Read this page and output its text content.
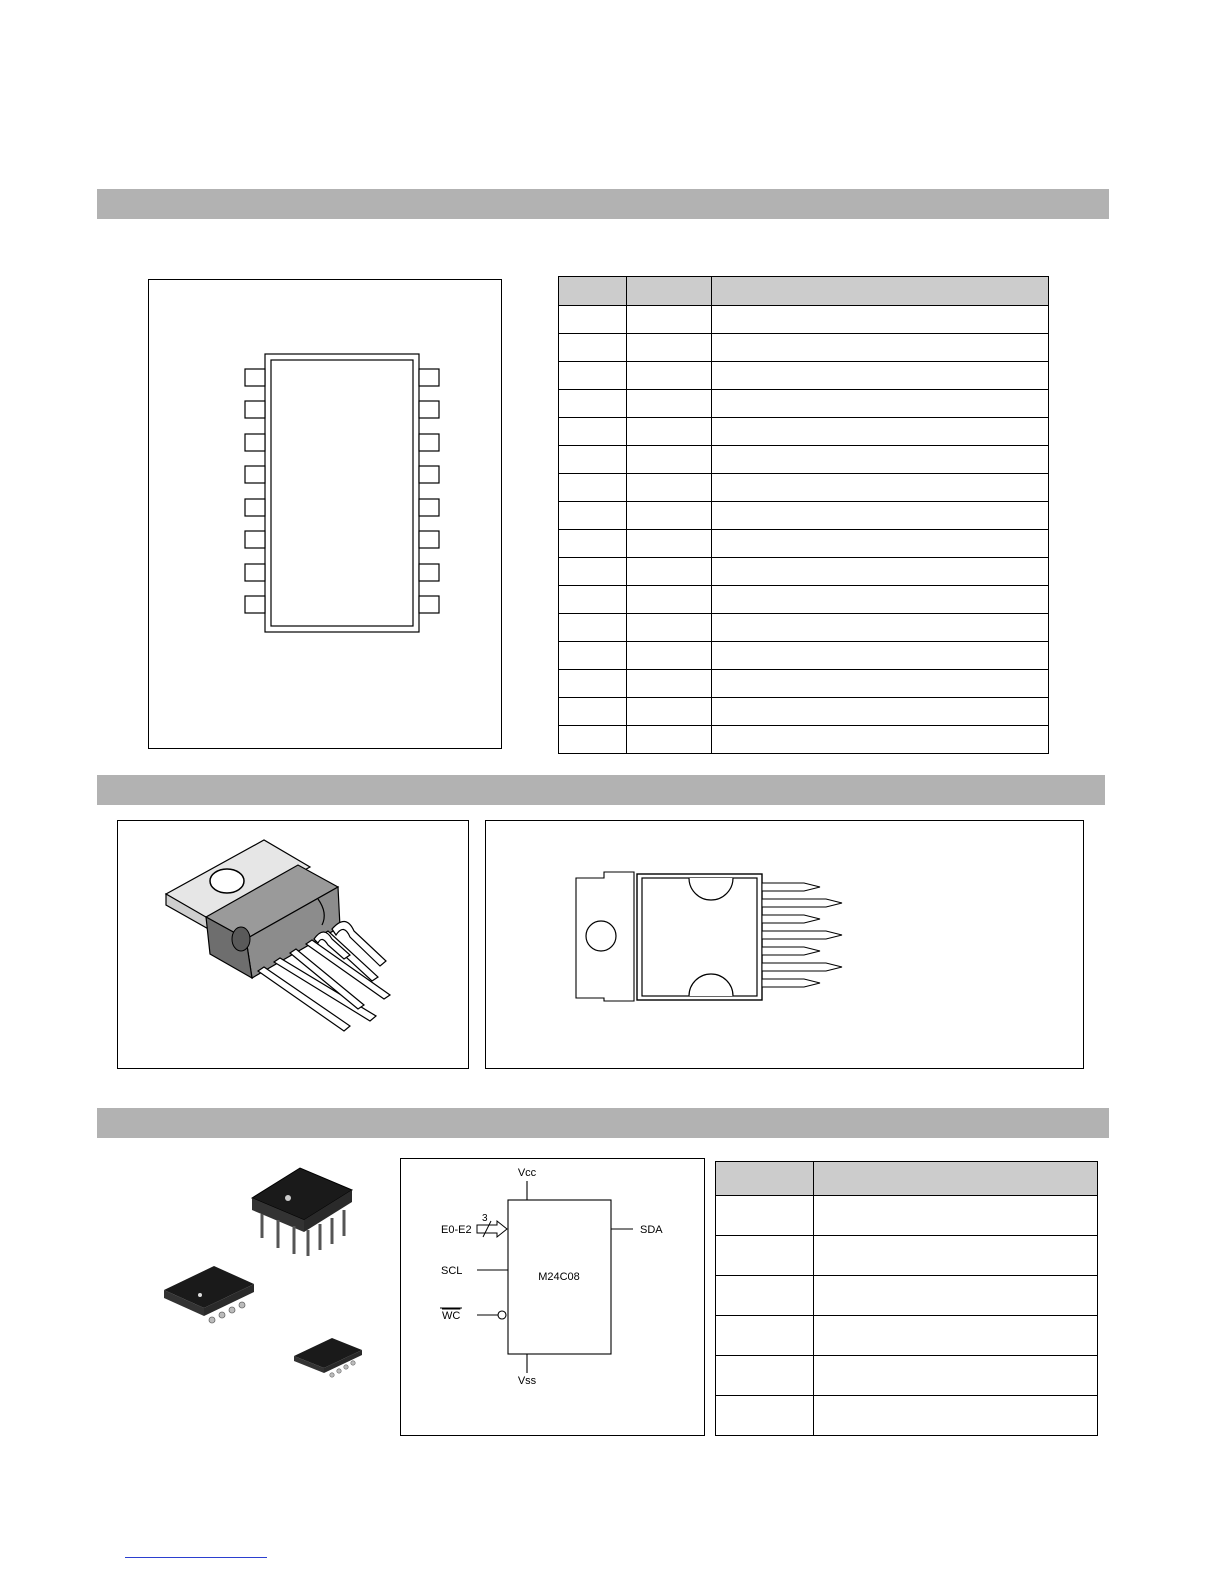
Vcc
Vss
E0-E2
3
SCL
WC
SDA
M24C08
